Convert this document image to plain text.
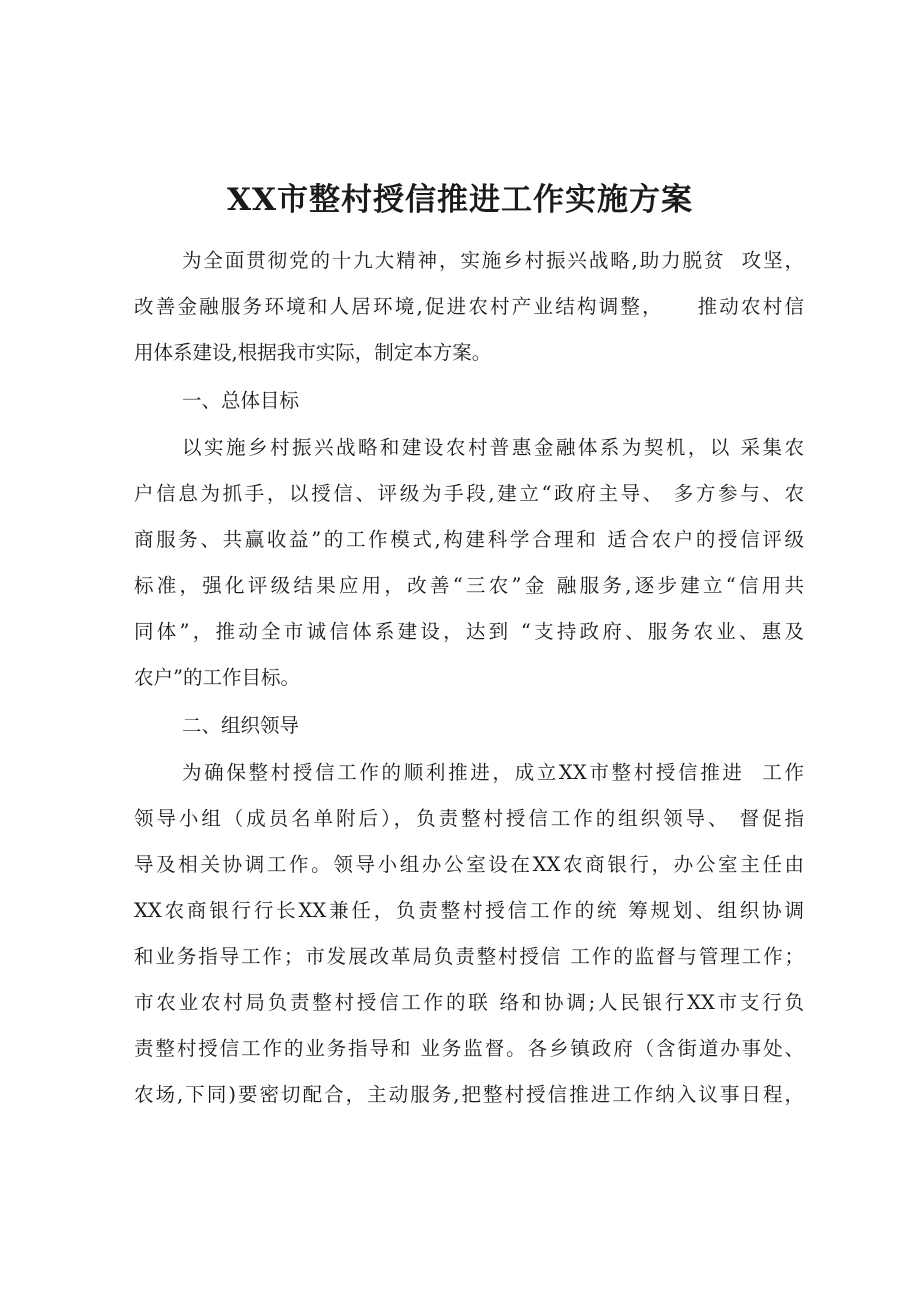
XX市整村授信推进工作实施方案
为全面贯彻党的十九大精神，实施乡村振兴战略,助力脱贫  攻坚，
改善金融服务环境和人居环境,促进农村产业结构调整，    推动农村信
用体系建设,根据我市实际，制定本方案。
一、总体目标
以实施乡村振兴战略和建设农村普惠金融体系为契机，以 采集农
户信息为抓手，以授信、评级为手段,建立“政府主导、 多方参与、农
商服务、共赢收益”的工作模式,构建科学合理和 适合农户的授信评级
标准，强化评级结果应用，改善“三农”金 融服务,逐步建立“信用共
同体”，推动全市诚信体系建设，达到 “支持政府、服务农业、惠及
农户”的工作目标。
二、组织领导
为确保整村授信工作的顺利推进，成立XX市整村授信推进  工作
领导小组（成员名单附后），负责整村授信工作的组织领导、 督促指
导及相关协调工作。领导小组办公室设在XX农商银行，办公室主任由
XX农商银行行长XX兼任，负责整村授信工作的统 筹规划、组织协调
和业务指导工作；市发展改革局负责整村授信 工作的监督与管理工作；
市农业农村局负责整村授信工作的联 络和协调;人民银行XX市支行负
责整村授信工作的业务指导和 业务监督。各乡镇政府（含街道办事处、
农场,下同)要密切配合，主动服务,把整村授信推进工作纳入议事日程，
